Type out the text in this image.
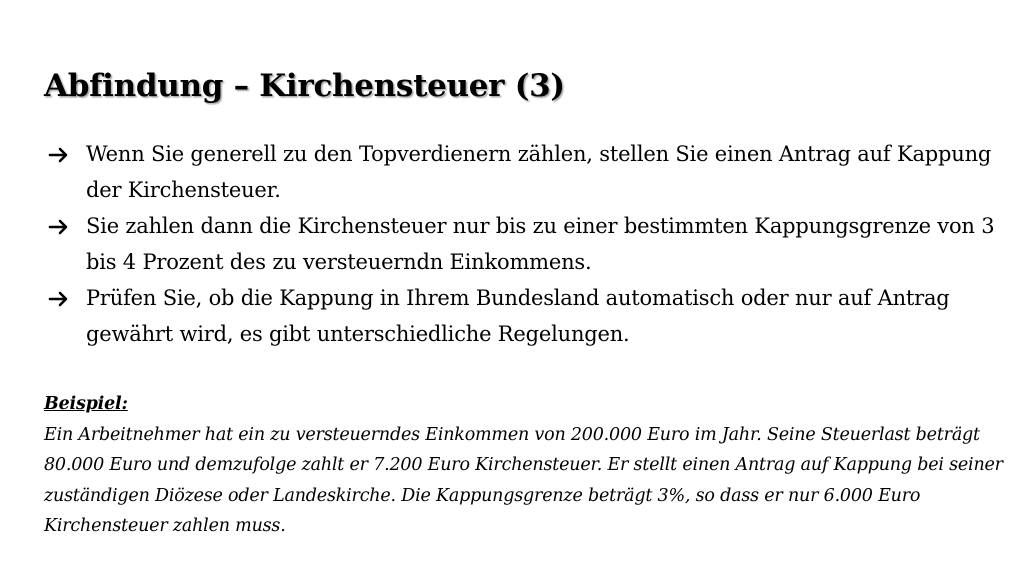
Abfindung – Kirchensteuer (3)
Wenn Sie generell zu den Topverdienern zählen, stellen Sie einen Antrag auf Kappung der Kirchensteuer.
Sie zahlen dann die Kirchensteuer nur bis zu einer bestimmten Kappungsgrenze von 3 bis 4 Prozent des zu versteuerndn Einkommens.
Prüfen Sie, ob die Kappung in Ihrem Bundesland automatisch oder nur auf Antrag gewährt wird, es gibt unterschiedliche Regelungen.
Beispiel:
Ein Arbeitnehmer hat ein zu versteuerndes Einkommen von 200.000 Euro im Jahr. Seine Steuerlast beträgt 80.000 Euro und demzufolge zahlt er 7.200 Euro Kirchensteuer. Er stellt einen Antrag auf Kappung bei seiner zuständigen Diözese oder Landeskirche. Die Kappungsgrenze beträgt 3%, so dass er nur 6.000 Euro Kirchensteuer zahlen muss.
